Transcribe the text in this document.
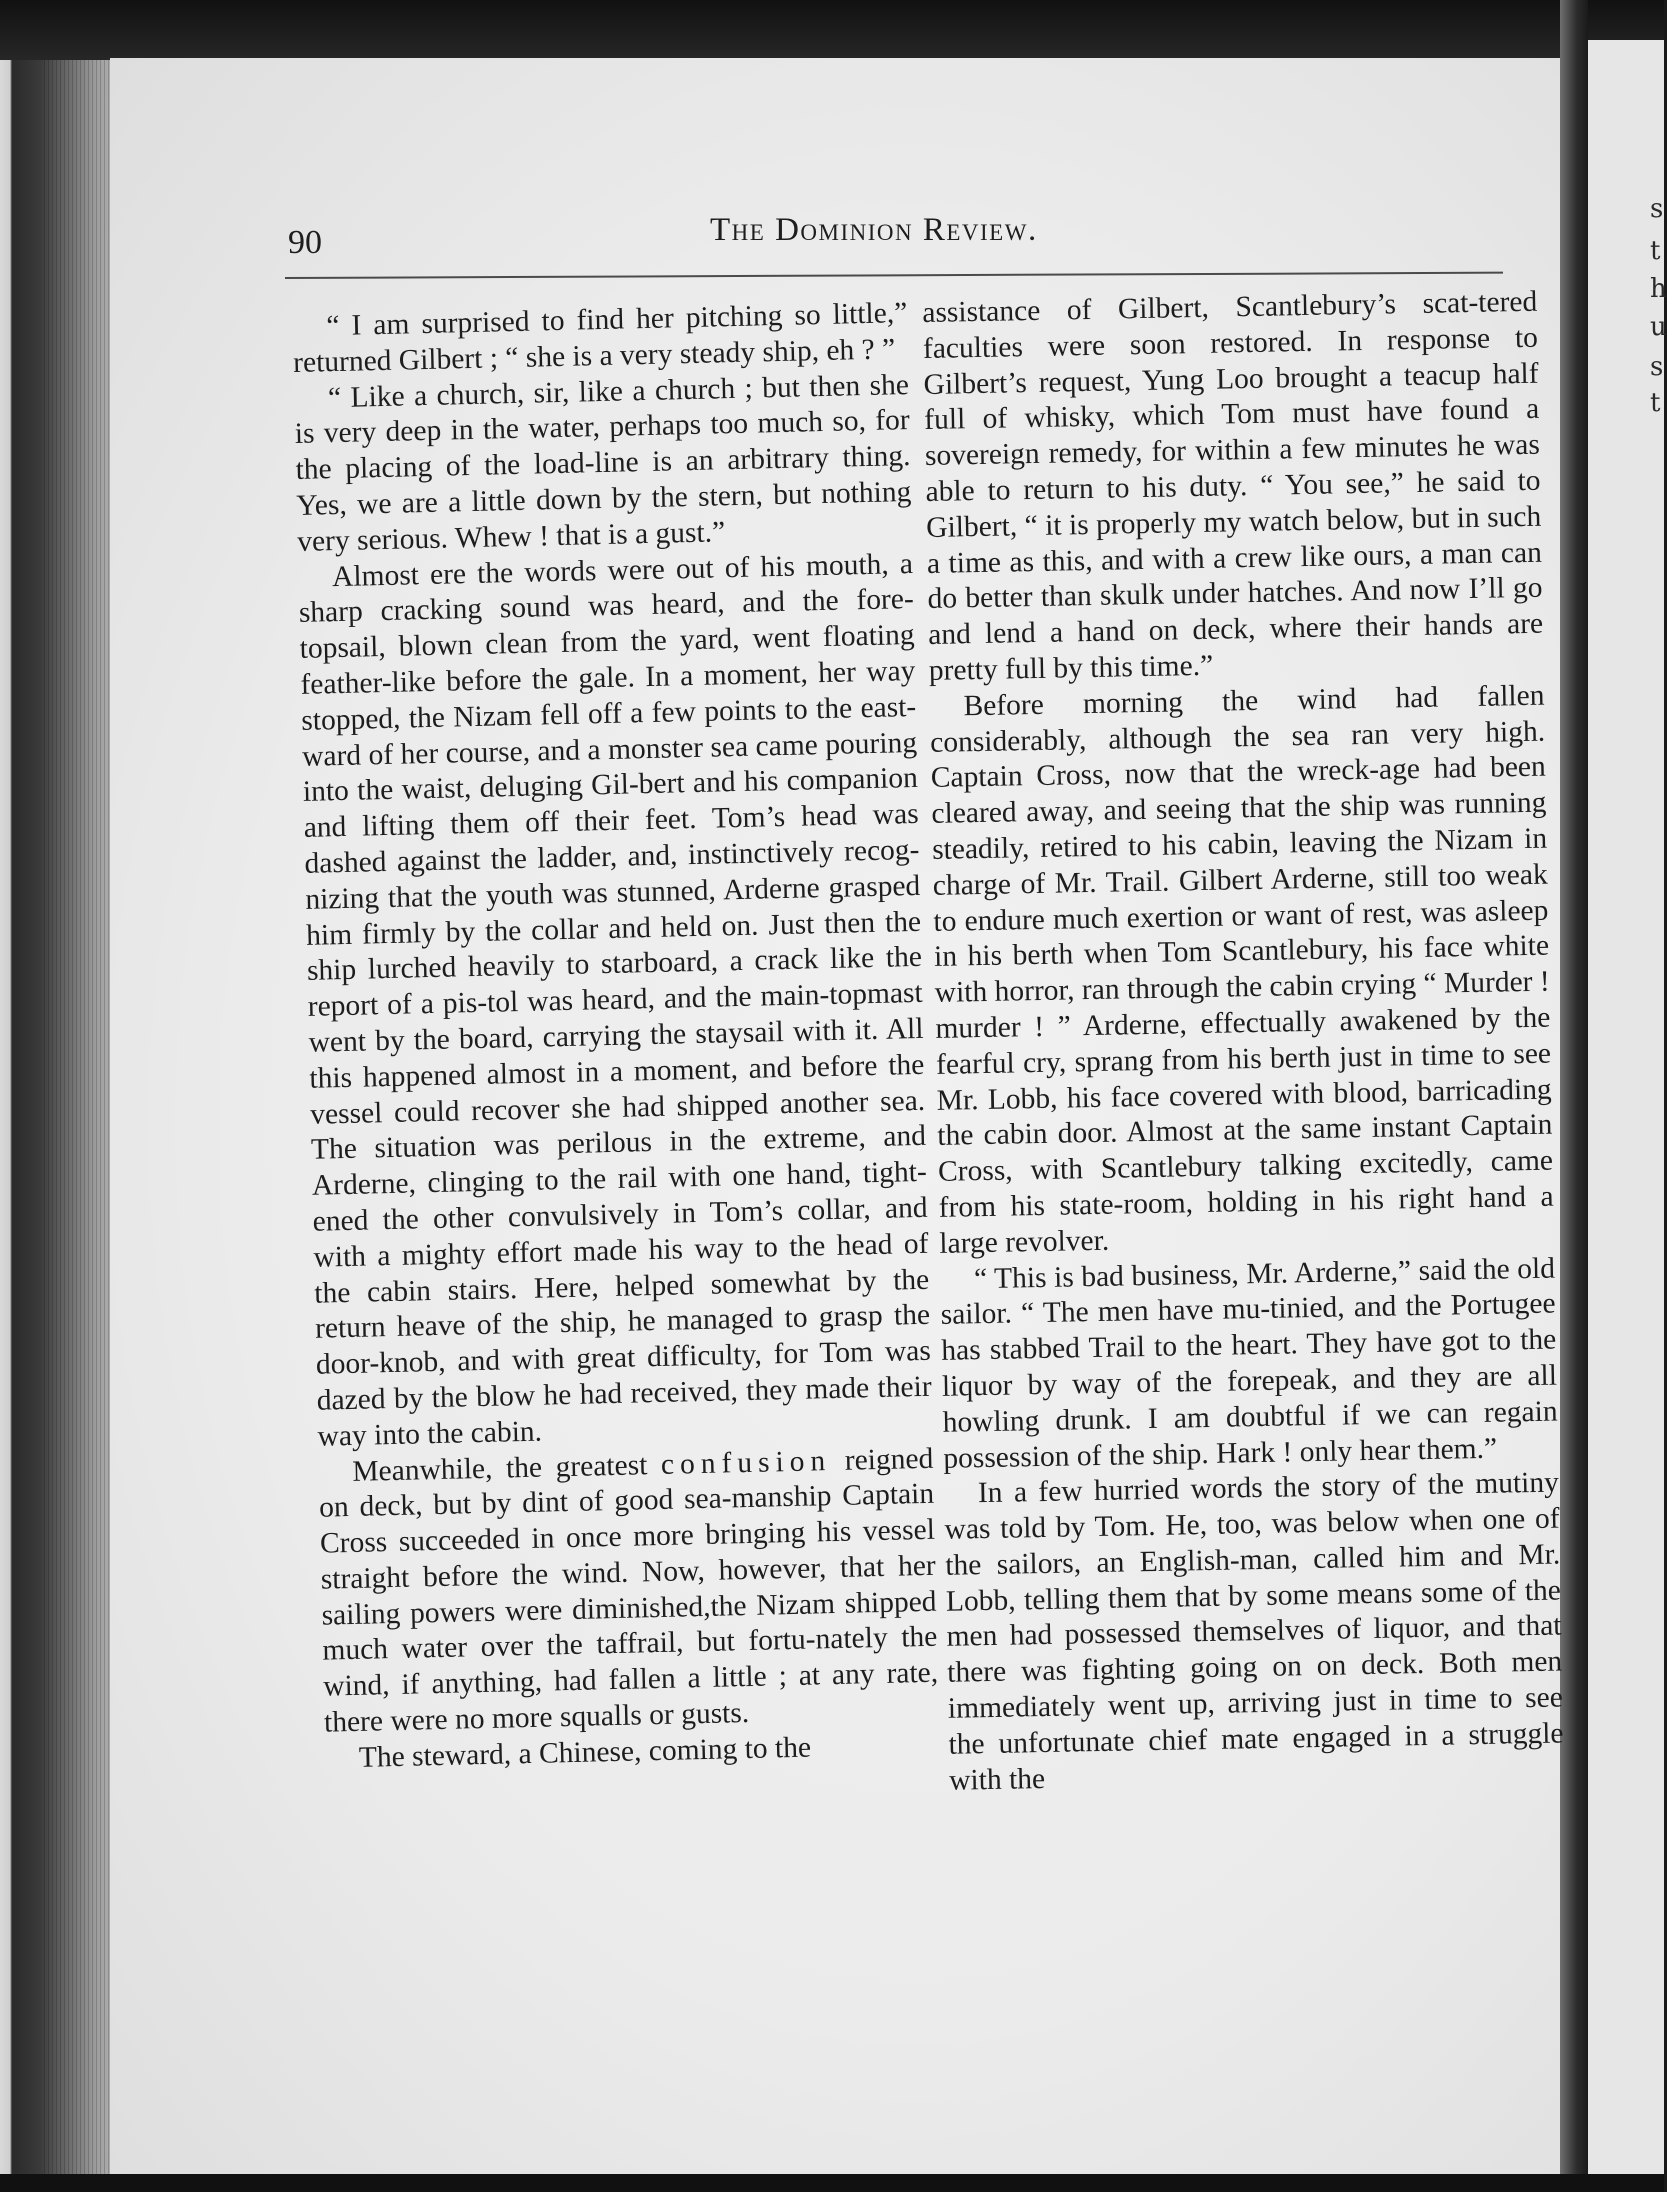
s
t
h
u
s
t
90	The Dominion Review.

“ I am surprised to find her pitching so little,” returned Gilbert ; “ she is a very steady ship, eh ? ”

“ Like a church, sir, like a church ; but then she is very deep in the water, perhaps too much so, for the placing of the load-line is an arbitrary thing. Yes, we are a little down by the stern, but nothing very serious. Whew ! that is a gust.”

Almost ere the words were out of his mouth, a sharp cracking sound was heard, and the fore-topsail, blown clean from the yard, went floating feather-like before the gale. In a moment, her way stopped, the Nizam fell off a few points to the east-ward of her course, and a monster sea came pouring into the waist, deluging Gil-bert and his companion and lifting them off their feet. Tom’s head was dashed against the ladder, and, instinctively recog-nizing that the youth was stunned, Arderne grasped him firmly by the collar and held on. Just then the ship lurched heavily to starboard, a crack like the report of a pis-tol was heard, and the main-topmast went by the board, carrying the staysail with it. All this happened almost in a moment, and before the vessel could recover she had shipped another sea. The situation was perilous in the extreme, and Arderne, clinging to the rail with one hand, tight-ened the other convulsively in Tom’s collar, and with a mighty effort made his way to the head of the cabin stairs. Here, helped somewhat by the return heave of the ship, he managed to grasp the door-knob, and with great difficulty, for Tom was dazed by the blow he had received, they made their way into the cabin.

Meanwhile, the greatest confusion reigned on deck, but by dint of good sea-manship Captain Cross succeeded in once more bringing his vessel straight before the wind. Now, however, that her sailing powers were diminished,the Nizam shipped much water over the taffrail, but fortu-nately the wind, if anything, had fallen a little ; at any rate, there were no more squalls or gusts.

The steward, a Chinese, coming to the

assistance of Gilbert, Scantlebury’s scat-tered faculties were soon restored. In response to Gilbert’s request, Yung Loo brought a teacup half full of whisky, which Tom must have found a sovereign remedy, for within a few minutes he was able to return to his duty. “ You see,” he said to Gilbert, “ it is properly my watch below, but in such a time as this, and with a crew like ours, a man can do better than skulk under hatches. And now I’ll go and lend a hand on deck, where their hands are pretty full by this time.”

Before morning the wind had fallen considerably, although the sea ran very high. Captain Cross, now that the wreck-age had been cleared away, and seeing that the ship was running steadily, retired to his cabin, leaving the Nizam in charge of Mr. Trail. Gilbert Arderne, still too weak to endure much exertion or want of rest, was asleep in his berth when Tom Scantlebury, his face white with horror, ran through the cabin crying “ Murder ! murder ! ” Arderne, effectually awakened by the fearful cry, sprang from his berth just in time to see Mr. Lobb, his face covered with blood, barricading the cabin door. Almost at the same instant Captain Cross, with Scantlebury talking excitedly, came from his state-room, holding in his right hand a large revolver.

“ This is bad business, Mr. Arderne,” said the old sailor. “ The men have mu-tinied, and the Portugee has stabbed Trail to the heart. They have got to the liquor by way of the forepeak, and they are all howling drunk. I am doubtful if we can regain possession of the ship. Hark ! only hear them.”

In a few hurried words the story of the mutiny was told by Tom. He, too, was below when one of the sailors, an English-man, called him and Mr. Lobb, telling them that by some means some of the men had possessed themselves of liquor, and that there was fighting going on on deck. Both men immediately went up, arriving just in time to see the unfortunate chief mate engaged in a struggle with the
